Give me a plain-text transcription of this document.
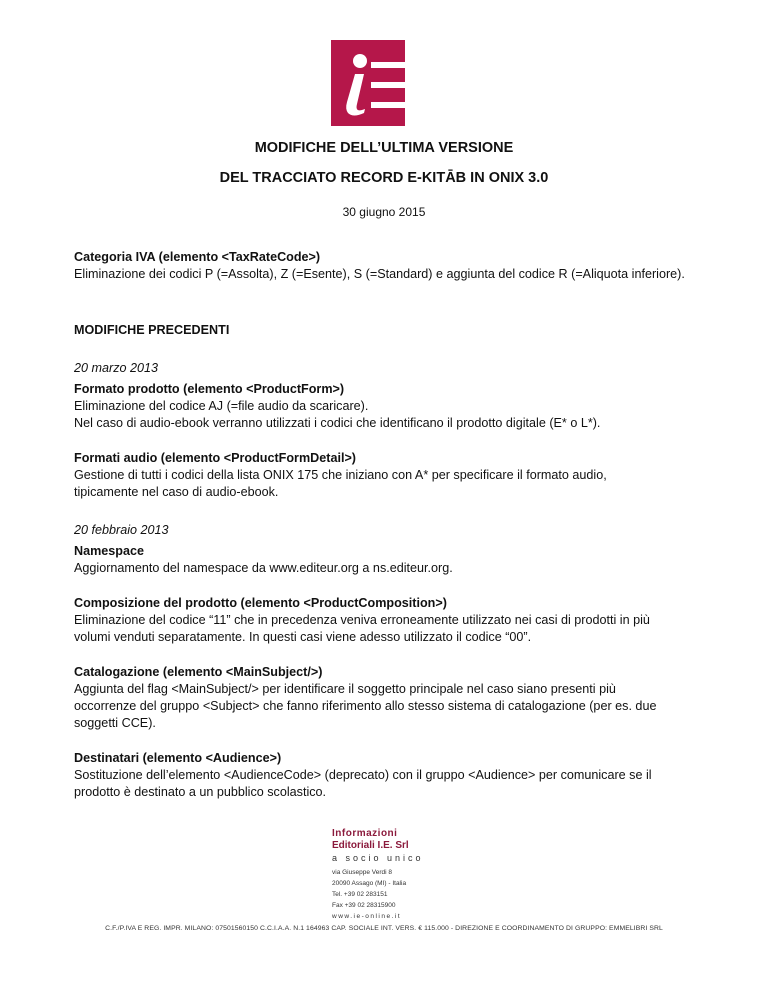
MODIFICHE DELL’ULTIMA VERSIONE
DEL TRACCIATO RECORD E-KITĀB IN ONIX 3.0
30 giugno 2015

Categoria IVA (elemento <TaxRateCode>)

Eliminazione dei codici P (=Assolta), Z (=Esente), S (=Standard) e aggiunta del codice R (=Aliquota inferiore).

MODIFICHE PRECEDENTI

20 marzo 2013

Formato prodotto (elemento <ProductForm>)

Eliminazione del codice AJ (=file audio da scaricare).

Nel caso di audio-ebook verranno utilizzati i codici che identificano il prodotto digitale (E* o L*).

Formati audio (elemento <ProductFormDetail>)

Gestione di tutti i codici della lista ONIX 175 che iniziano con A* per specificare il formato audio,

tipicamente nel caso di audio-ebook.

20 febbraio 2013

Namespace

Aggiornamento del namespace da www.editeur.org a ns.editeur.org.

Composizione del prodotto (elemento <ProductComposition>)

Eliminazione del codice “11” che in precedenza veniva erroneamente utilizzato nei casi di prodotti in più

volumi venduti separatamente. In questi casi viene adesso utilizzato il codice “00”.

Catalogazione (elemento <MainSubject/>)

Aggiunta del flag <MainSubject/> per identificare il soggetto principale nel caso siano presenti più

occorrenze del gruppo <Subject> che fanno riferimento allo stesso sistema di catalogazione (per es. due

soggetti CCE).

Destinatari (elemento <Audience>)

Sostituzione dell’elemento <AudienceCode> (deprecato) con il gruppo <Audience> per comunicare se il

prodotto è destinato a un pubblico scolastico.

Informazioni
Editoriali I.E. Srl
a socio unico
via Giuseppe Verdi 8
20090 Assago (MI) - Italia
Tel. +39 02 283151
Fax +39 02 28315900
www.ie-online.it
C.F./P.IVA E REG. IMPR. MILANO: 07501560150 C.C.I.A.A. N.1 164963 CAP. SOCIALE INT. VERS. € 115.000 - DIREZIONE E COORDINAMENTO DI GRUPPO: EMMELIBRI SRL
